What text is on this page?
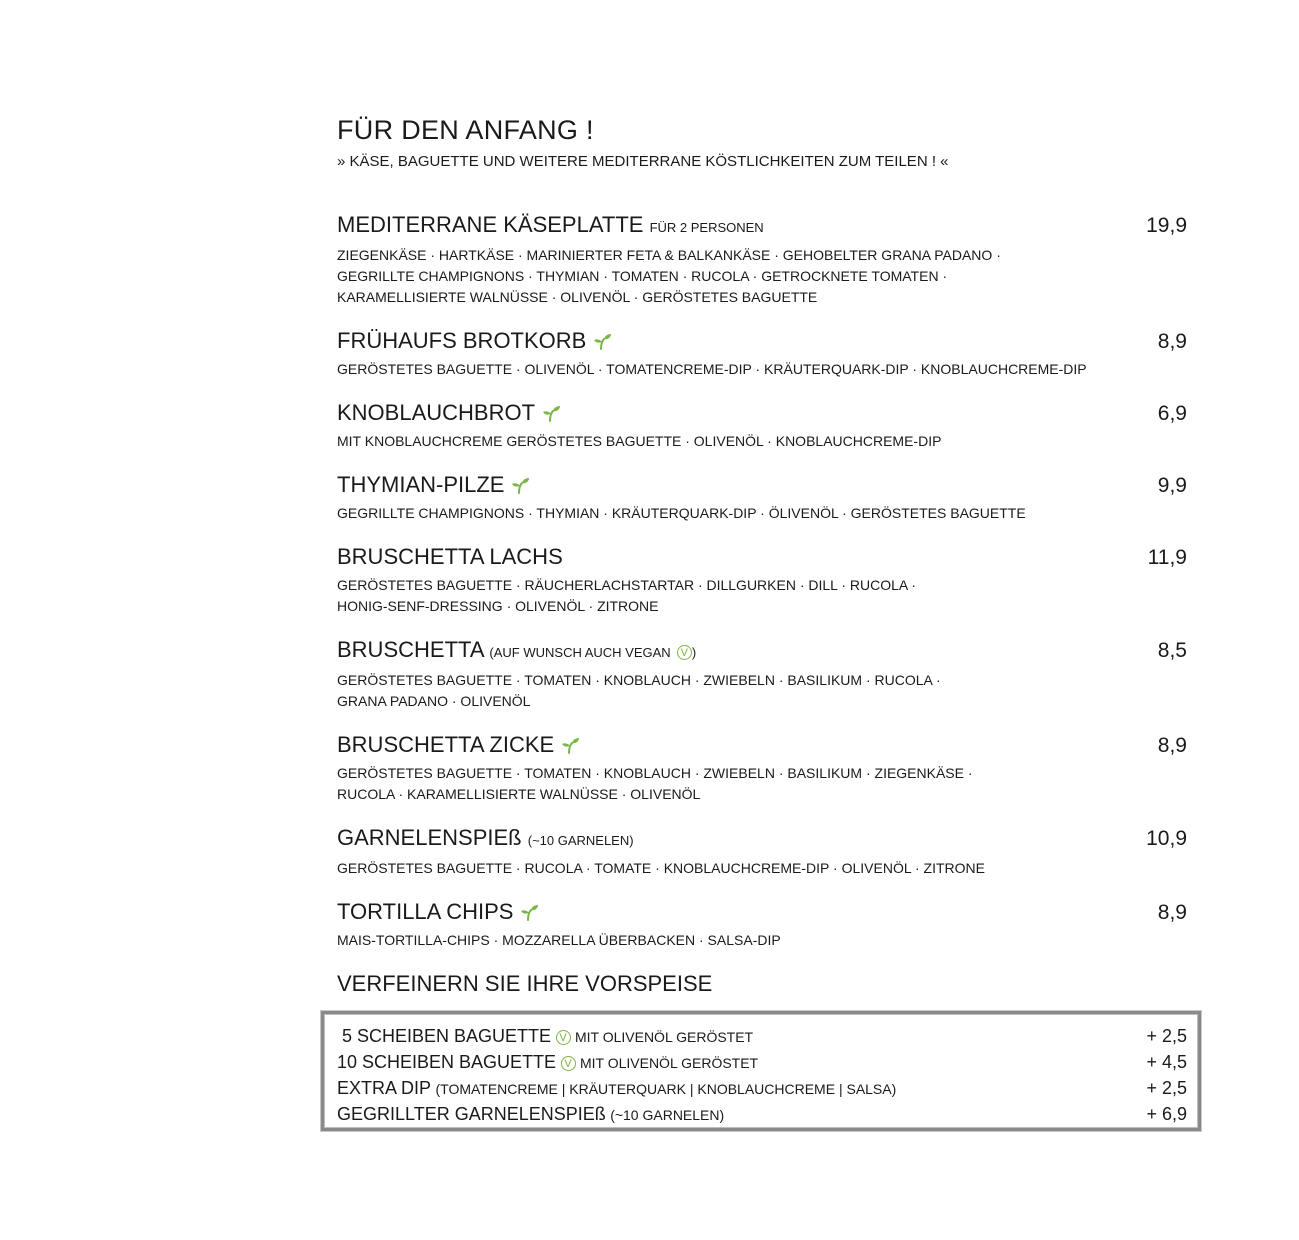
FÜR DEN ANFANG !
» KÄSE, BAGUETTE UND WEITERE MEDITERRANE KÖSTLICHKEITEN ZUM TEILEN ! «
MEDITERRANE KÄSEPLATTE FÜR 2 PERSONEN	19,9
ZIEGENKÄSE · HARTKÄSE · MARINIERTER FETA & BALKANKÄSE · GEHOBELTER GRANA PADANO ·
GEGRILLTE CHAMPIGNONS · THYMIAN · TOMATEN · RUCOLA · GETROCKNETE TOMATEN ·
KARAMELLISIERTE WALNÜSSE · OLIVENÖL · GERÖSTETES BAGUETTE
FRÜHAUFS BROTKORB	8,9
GERÖSTETES BAGUETTE · OLIVENÖL · TOMATENCREME-DIP · KRÄUTERQUARK-DIP · KNOBLAUCHCREME-DIP
KNOBLAUCHBROT	6,9
MIT KNOBLAUCHCREME GERÖSTETES BAGUETTE · OLIVENÖL · KNOBLAUCHCREME-DIP
THYMIAN-PILZE	9,9
GEGRILLTE CHAMPIGNONS · THYMIAN · KRÄUTERQUARK-DIP · ÖLIVENÖL · GERÖSTETES BAGUETTE
BRUSCHETTA LACHS	11,9
GERÖSTETES BAGUETTE · RÄUCHERLACHSTARTAR · DILLGURKEN · DILL · RUCOLA ·
HONIG-SENF-DRESSING · OLIVENÖL · ZITRONE
BRUSCHETTA (AUF WUNSCH AUCH VEGAN V )	8,5
GERÖSTETES BAGUETTE · TOMATEN · KNOBLAUCH · ZWIEBELN · BASILIKUM · RUCOLA ·
GRANA PADANO · OLIVENÖL
BRUSCHETTA ZICKE	8,9
GERÖSTETES BAGUETTE · TOMATEN · KNOBLAUCH · ZWIEBELN · BASILIKUM · ZIEGENKÄSE ·
RUCOLA · KARAMELLISIERTE WALNÜSSE · OLIVENÖL
GARNELENSPIEß (~10 GARNELEN)	10,9
GERÖSTETES BAGUETTE · RUCOLA · TOMATE · KNOBLAUCHCREME-DIP · OLIVENÖL · ZITRONE
TORTILLA CHIPS	8,9
MAIS-TORTILLA-CHIPS · MOZZARELLA ÜBERBACKEN · SALSA-DIP
VERFEINERN SIE IHRE VORSPEISE
5 SCHEIBEN BAGUETTE V MIT OLIVENÖL GERÖSTET	+ 2,5
10 SCHEIBEN BAGUETTE V MIT OLIVENÖL GERÖSTET	+ 4,5
EXTRA DIP (TOMATENCREME | KRÄUTERQUARK | KNOBLAUCHCREME | SALSA)	+ 2,5
GEGRILLTER GARNELENSPIEß (~10 GARNELEN)	+ 6,9
